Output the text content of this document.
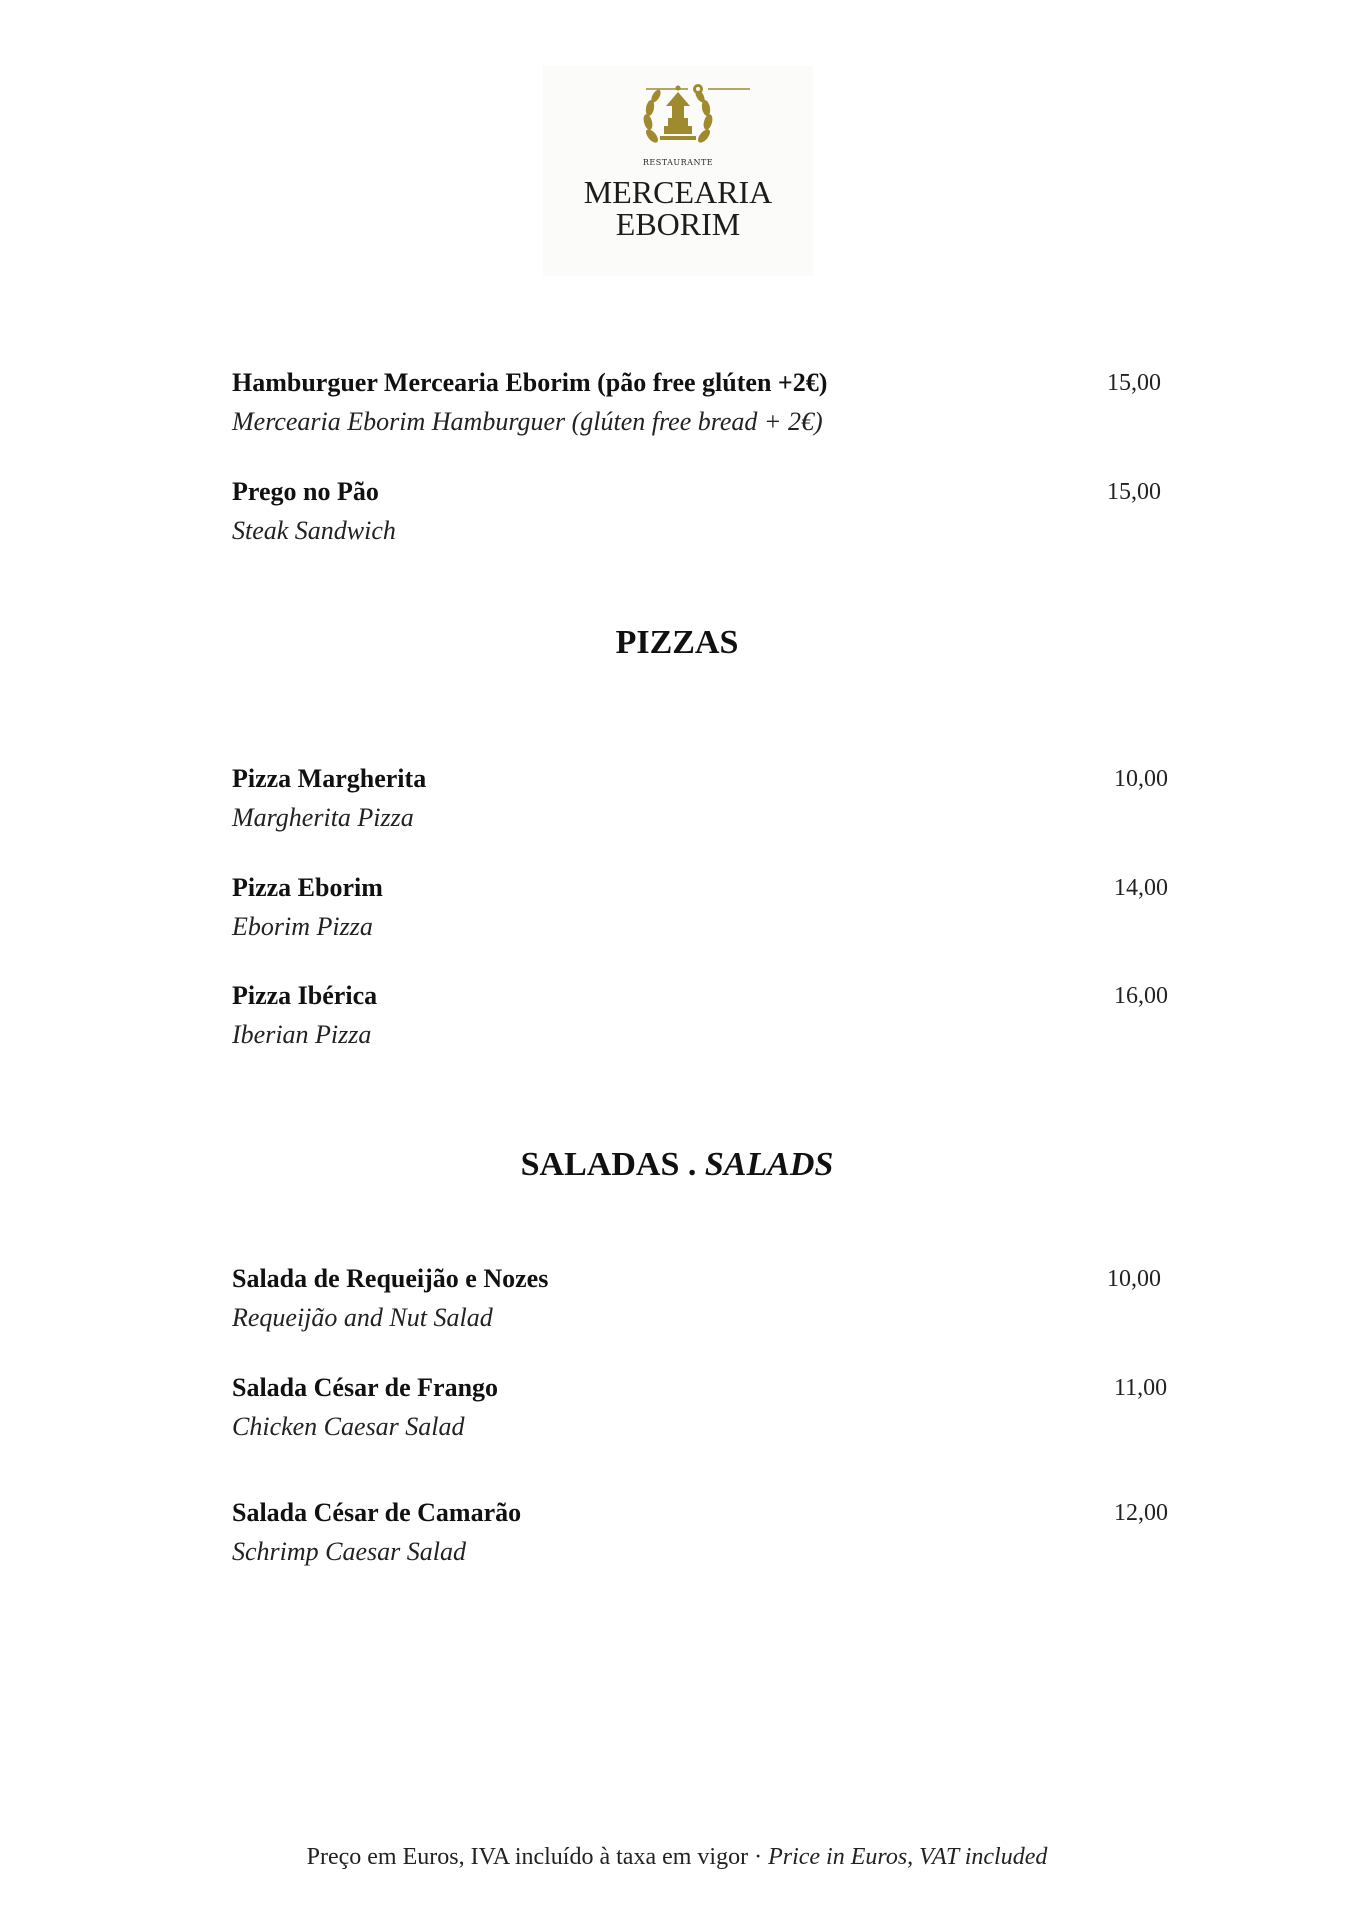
RESTAURANTE
MERCEARIA
EBORIM
Hamburguer Mercearia Eborim (pão free glúten +2€)
Mercearia Eborim Hamburguer (glúten free bread + 2€)
15,00
Prego no Pão
Steak Sandwich
15,00
PIZZAS
Pizza Margherita
Margherita Pizza
10,00
Pizza Eborim
Eborim Pizza
14,00
Pizza Ibérica
Iberian Pizza
16,00
SALADAS . SALADS
Salada de Requeijão e Nozes
Requeijão and Nut Salad
10,00
Salada César de Frango
Chicken Caesar Salad
11,00
Salada César de Camarão
Schrimp Caesar Salad
12,00
Preço em Euros, IVA incluído à taxa em vigor · Price in Euros, VAT included
